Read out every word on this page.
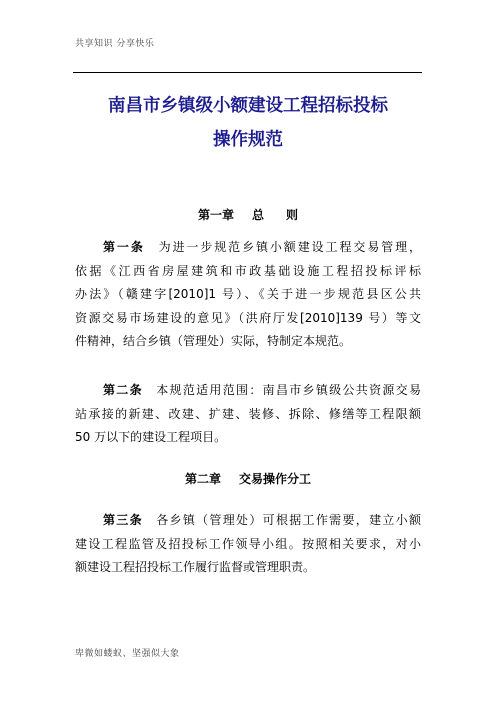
共享知识 分享快乐
南昌市乡镇级小额建设工程招标投标
操作规范
第一章 总 则
第一条 为进一步规范乡镇小额建设工程交易管理，
依据《江西省房屋建筑和市政基础设施工程招投标评标
办法》（赣建字[2010]1 号）、《关于进一步规范县区公共
资源交易市场建设的意见》（洪府厅发[2010]139 号）等文
件精神，结合乡镇（管理处）实际，特制定本规范。
第二条 本规范适用范围：南昌市乡镇级公共资源交易
站承接的新建、改建、扩建、装修、拆除、修缮等工程限额
50 万以下的建设工程项目。
第二章 交易操作分工
第三条 各乡镇（管理处）可根据工作需要，建立小额
建设工程监管及招投标工作领导小组。按照相关要求，对小
额建设工程招投标工作履行监督或管理职责。
卑微如蝼蚁、坚强似大象
